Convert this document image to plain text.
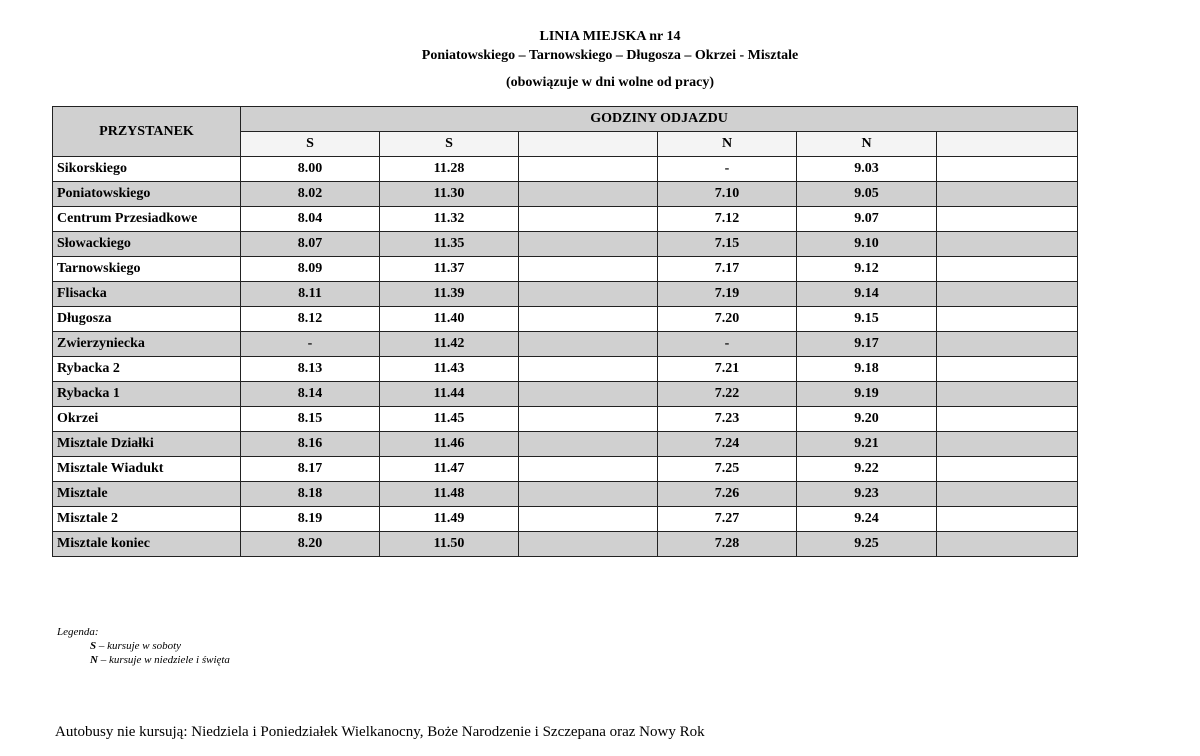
LINIA MIEJSKA nr 14
Poniatowskiego – Tarnowskiego – Długosza – Okrzei - Misztale
(obowiązuje w dni wolne od pracy)
PRZYSTANEK	GODZINY ODJAZDU					
	S	S		N	N	
Sikorskiego	8.00	11.28		-	9.03	
Poniatowskiego	8.02	11.30		7.10	9.05	
Centrum Przesiadkowe	8.04	11.32		7.12	9.07	
Słowackiego	8.07	11.35		7.15	9.10	
Tarnowskiego	8.09	11.37		7.17	9.12	
Flisacka	8.11	11.39		7.19	9.14	
Długosza	8.12	11.40		7.20	9.15	
Zwierzyniecka	-	11.42		-	9.17	
Rybacka 2	8.13	11.43		7.21	9.18	
Rybacka 1	8.14	11.44		7.22	9.19	
Okrzei	8.15	11.45		7.23	9.20	
Misztale Działki	8.16	11.46		7.24	9.21	
Misztale Wiadukt	8.17	11.47		7.25	9.22	
Misztale	8.18	11.48		7.26	9.23	
Misztale 2	8.19	11.49		7.27	9.24	
Misztale koniec	8.20	11.50		7.28	9.25	
Legenda:
S – kursuje w soboty
N – kursuje w niedziele i święta
Autobusy nie kursują: Niedziela i Poniedziałek Wielkanocny, Boże Narodzenie i Szczepana oraz Nowy Rok
